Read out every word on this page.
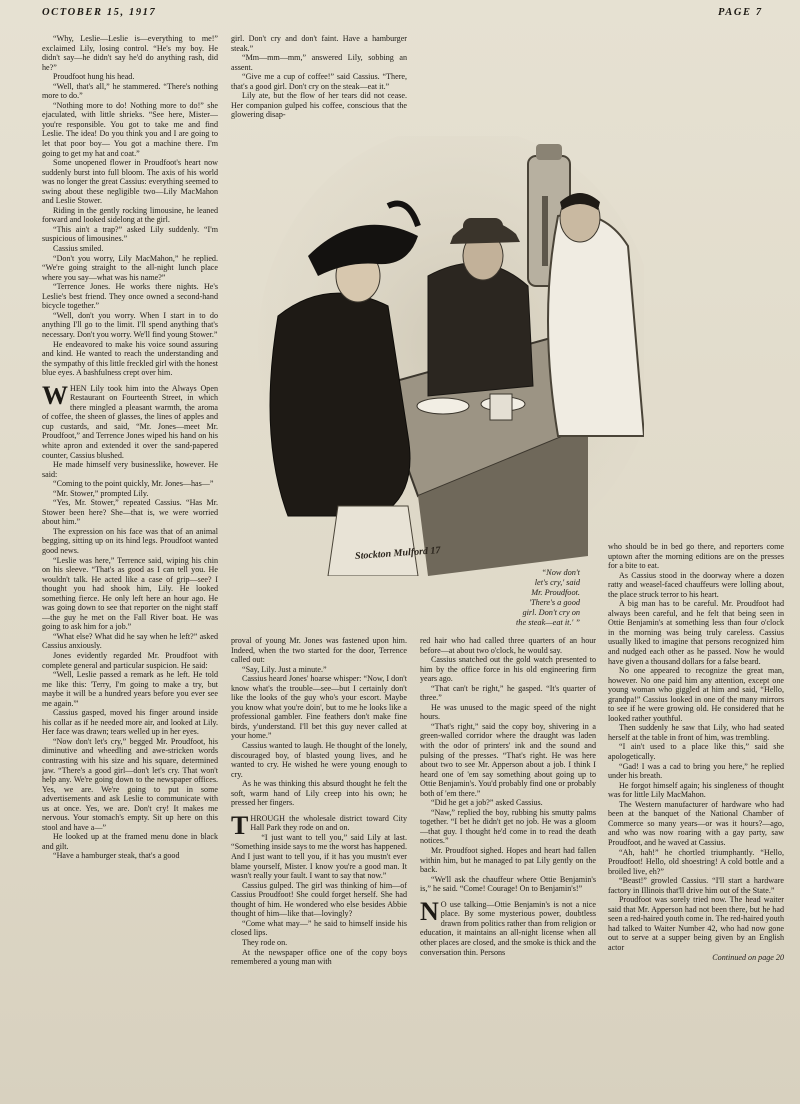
OCTOBER 15, 1917	PAGE 7

“Why, Leslie—Leslie is—everything to me!” exclaimed Lily, losing control. “He's my boy. He didn't say—he didn't say he'd do anything rash, did he?”

Proudfoot hung his head.

“Well, that's all,” he stammered. “There's nothing more to do.”

“Nothing more to do! Nothing more to do!” she ejaculated, with little shrieks. “See here, Mister—you're responsible. You got to take me and find Leslie. The idea! Do you think you and I are going to let that poor boy— You got a machine there. I'm going to get my hat and coat.”

Some unopened flower in Proudfoot's heart now suddenly burst into full bloom. The axis of his world was no longer the great Cassius: everything seemed to swing about these negligible two—Lily MacMahon and Leslie Stower.

Riding in the gently rocking limousine, he leaned forward and looked sidelong at the girl.

“This ain't a trap?” asked Lily suddenly. “I'm suspicious of limousines.”

Cassius smiled.

“Don't you worry, Lily MacMahon,” he replied. “We're going straight to the all-night lunch place where you say—what was his name?”

“Terrence Jones. He works there nights. He's Leslie's best friend. They once owned a second-hand bicycle together.”

“Well, don't you worry. When I start in to do anything I'll go to the limit. I'll spend anything that's necessary. Don't you worry. We'll find young Stower.”

He endeavored to make his voice sound assuring and kind. He wanted to reach the understanding and the sympathy of this little freckled girl with the honest blue eyes. A bashfulness crept over him.

WHEN Lily took him into the Always Open Restaurant on Fourteenth Street, in which there mingled a pleasant warmth, the aroma of coffee, the sheen of glasses, the lines of apples and cup custards, and said, “Mr. Jones—meet Mr. Proudfoot,” and Terrence Jones wiped his hand on his white apron and extended it over the sand-papered counter, Cassius blushed.

He made himself very businesslike, however. He said:

“Coming to the point quickly, Mr. Jones—has—”

“Mr. Stower,” prompted Lily.

“Yes, Mr. Stower,” repeated Cassius. “Has Mr. Stower been here? She—that is, we were worried about him.”

The expression on his face was that of an animal begging, sitting up on its hind legs. Proudfoot wanted good news.

“Leslie was here,” Terrence said, wiping his chin on his sleeve. “That's as good as I can tell you. He wouldn't talk. He acted like a case of grip—see? I thought you had shook him, Lily. He looked something fierce. He only left here an hour ago. He was going down to see that reporter on the night staff—the guy he met on the Fall River boat. He was going to ask him for a job.”

“What else? What did he say when he left?” asked Cassius anxiously.

Jones evidently regarded Mr. Proudfoot with complete general and particular suspicion. He said:

“Well, Leslie passed a remark as he left. He told me like this: 'Terry, I'm going to make a try, but maybe it will be a hundred years before you ever see me again.'”

Cassius gasped, moved his finger around inside his collar as if he needed more air, and looked at Lily. Her face was drawn; tears welled up in her eyes.

“Now don't let's cry,” begged Mr. Proudfoot, his diminutive and wheedling and awe-stricken words contrasting with his size and his square, determined jaw. “There's a good girl—don't let's cry. That won't help any. We're going down to the newspaper offices. Yes, we are. We're going to put in some advertisements and ask Leslie to communicate with us at once. Yes, we are. Don't cry! It makes me nervous. Your stomach's empty. Sit up here on this stool and have a—”

He looked up at the framed menu done in black and gilt.

“Have a hamburger steak, that's a good

girl. Don't cry and don't faint. Have a hamburger steak.”

“Mm—mm—mm,” answered Lily, sobbing an assent.

“Give me a cup of coffee!” said Cassius. “There, that's a good girl. Don't cry on the steak—eat it.”

Lily ate, but the flow of her tears did not cease. Her companion gulped his coffee, conscious that the glowering disap-

Stockton Mulford 17
“Now don't
let's cry,' said
Mr. Proudfoot.
'There's a good
girl. Don't cry on
the steak—eat it.' ”

proval of young Mr. Jones was fastened upon him. Indeed, when the two started for the door, Terrence called out:

“Say, Lily. Just a minute.”

Cassius heard Jones' hoarse whisper: “Now, I don't know what's the trouble—see—but I certainly don't like the looks of the guy who's your escort. Maybe you know what you're doin', but to me he looks like a professional gambler. Fine feathers don't make fine birds, y'understand. I'll bet this guy never called at your home.”

Cassius wanted to laugh. He thought of the lonely, discouraged boy, of blasted young lives, and he wanted to cry. He wished he were young enough to cry.

As he was thinking this absurd thought he felt the soft, warm hand of Lily creep into his own; he pressed her fingers.

THROUGH the wholesale district toward City Hall Park they rode on and on.

“I just want to tell you,” said Lily at last. “Something inside says to me the worst has happened. And I just want to tell you, if it has you mustn't ever blame yourself, Mister. I know you're a good man. It wasn't really your fault. I want to say that now.”

Cassius gulped. The girl was thinking of him—of Cassius Proudfoot! She could forget herself. She had thought of him. He wondered who else besides Abbie thought of him—like that—lovingly?

“Come what may—” he said to himself inside his closed lips.

They rode on.

At the newspaper office one of the copy boys remembered a young man with

red hair who had called three quarters of an hour before—at about two o'clock, he would say.

Cassius snatched out the gold watch presented to him by the office force in his old engineering firm years ago.

“That can't be right,” he gasped. “It's quarter of three.”

He was unused to the magic speed of the night hours.

“That's right,” said the copy boy, shivering in a green-walled corridor where the draught was laden with the odor of printers' ink and the sound and pulsing of the presses. “That's right. He was here about two to see Mr. Apperson about a job. I think I heard one of 'em say something about going up to Ottie Benjamin's. You'd probably find one or probably both of 'em there.”

“Did he get a job?” asked Cassius.

“Naw,” replied the boy, rubbing his smutty palms together. “I bet he didn't get no job. He was a gloom—that guy. I thought he'd come in to read the death notices.”

Mr. Proudfoot sighed. Hopes and heart had fallen within him, but he managed to pat Lily gently on the back.

“We'll ask the chauffeur where Ottie Benjamin's is,” he said. “Come! Courage! On to Benjamin's!”

N O use talking—Ottie Benjamin's is not a nice place. By some mysterious power, doubtless drawn from politics rather than from religion or education, it maintains an all-night license when all other places are closed, and the smoke is thick and the conversation thin. Persons

who should be in bed go there, and reporters come uptown after the morning editions are on the presses for a bite to eat.

As Cassius stood in the doorway where a dozen ratty and weasel-faced chauffeurs were lolling about, the place struck terror to his heart.

A big man has to be careful. Mr. Proudfoot had always been careful, and he felt that being seen in Ottie Benjamin's at something less than four o'clock in the morning was being truly careless. Cassius usually liked to imagine that persons recognized him and nudged each other as he passed. Now he would have given a thousand dollars for a false beard.

No one appeared to recognize the great man, however. No one paid him any attention, except one young woman who giggled at him and said, “Hello, grandpa!” Cassius looked in one of the many mirrors to see if he were growing old. He considered that he looked rather youthful.

Then suddenly he saw that Lily, who had seated herself at the table in front of him, was trembling.

“I ain't used to a place like this,” said she apologetically.

“Gad! I was a cad to bring you here,” he replied under his breath.

He forgot himself again; his singleness of thought was for little Lily MacMahon.

The Western manufacturer of hardware who had been at the banquet of the National Chamber of Commerce so many years—or was it hours?—ago, and who was now roaring with a gay party, saw Proudfoot, and he waved at Cassius.

“Ah, hah!” he chortled triumphantly. “Hello, Proudfoot! Hello, old shoestring! A cold bottle and a broiled live, eh?”

“Beast!” growled Cassius. “I'll start a hardware factory in Illinois that'll drive him out of the State.”

Proudfoot was sorely tried now. The head waiter said that Mr. Apperson had not been there, but he had seen a red-haired youth come in. The red-haired youth had talked to Waiter Number 42, who had now gone out to serve at a supper being given by an English actor

Continued on page 20
